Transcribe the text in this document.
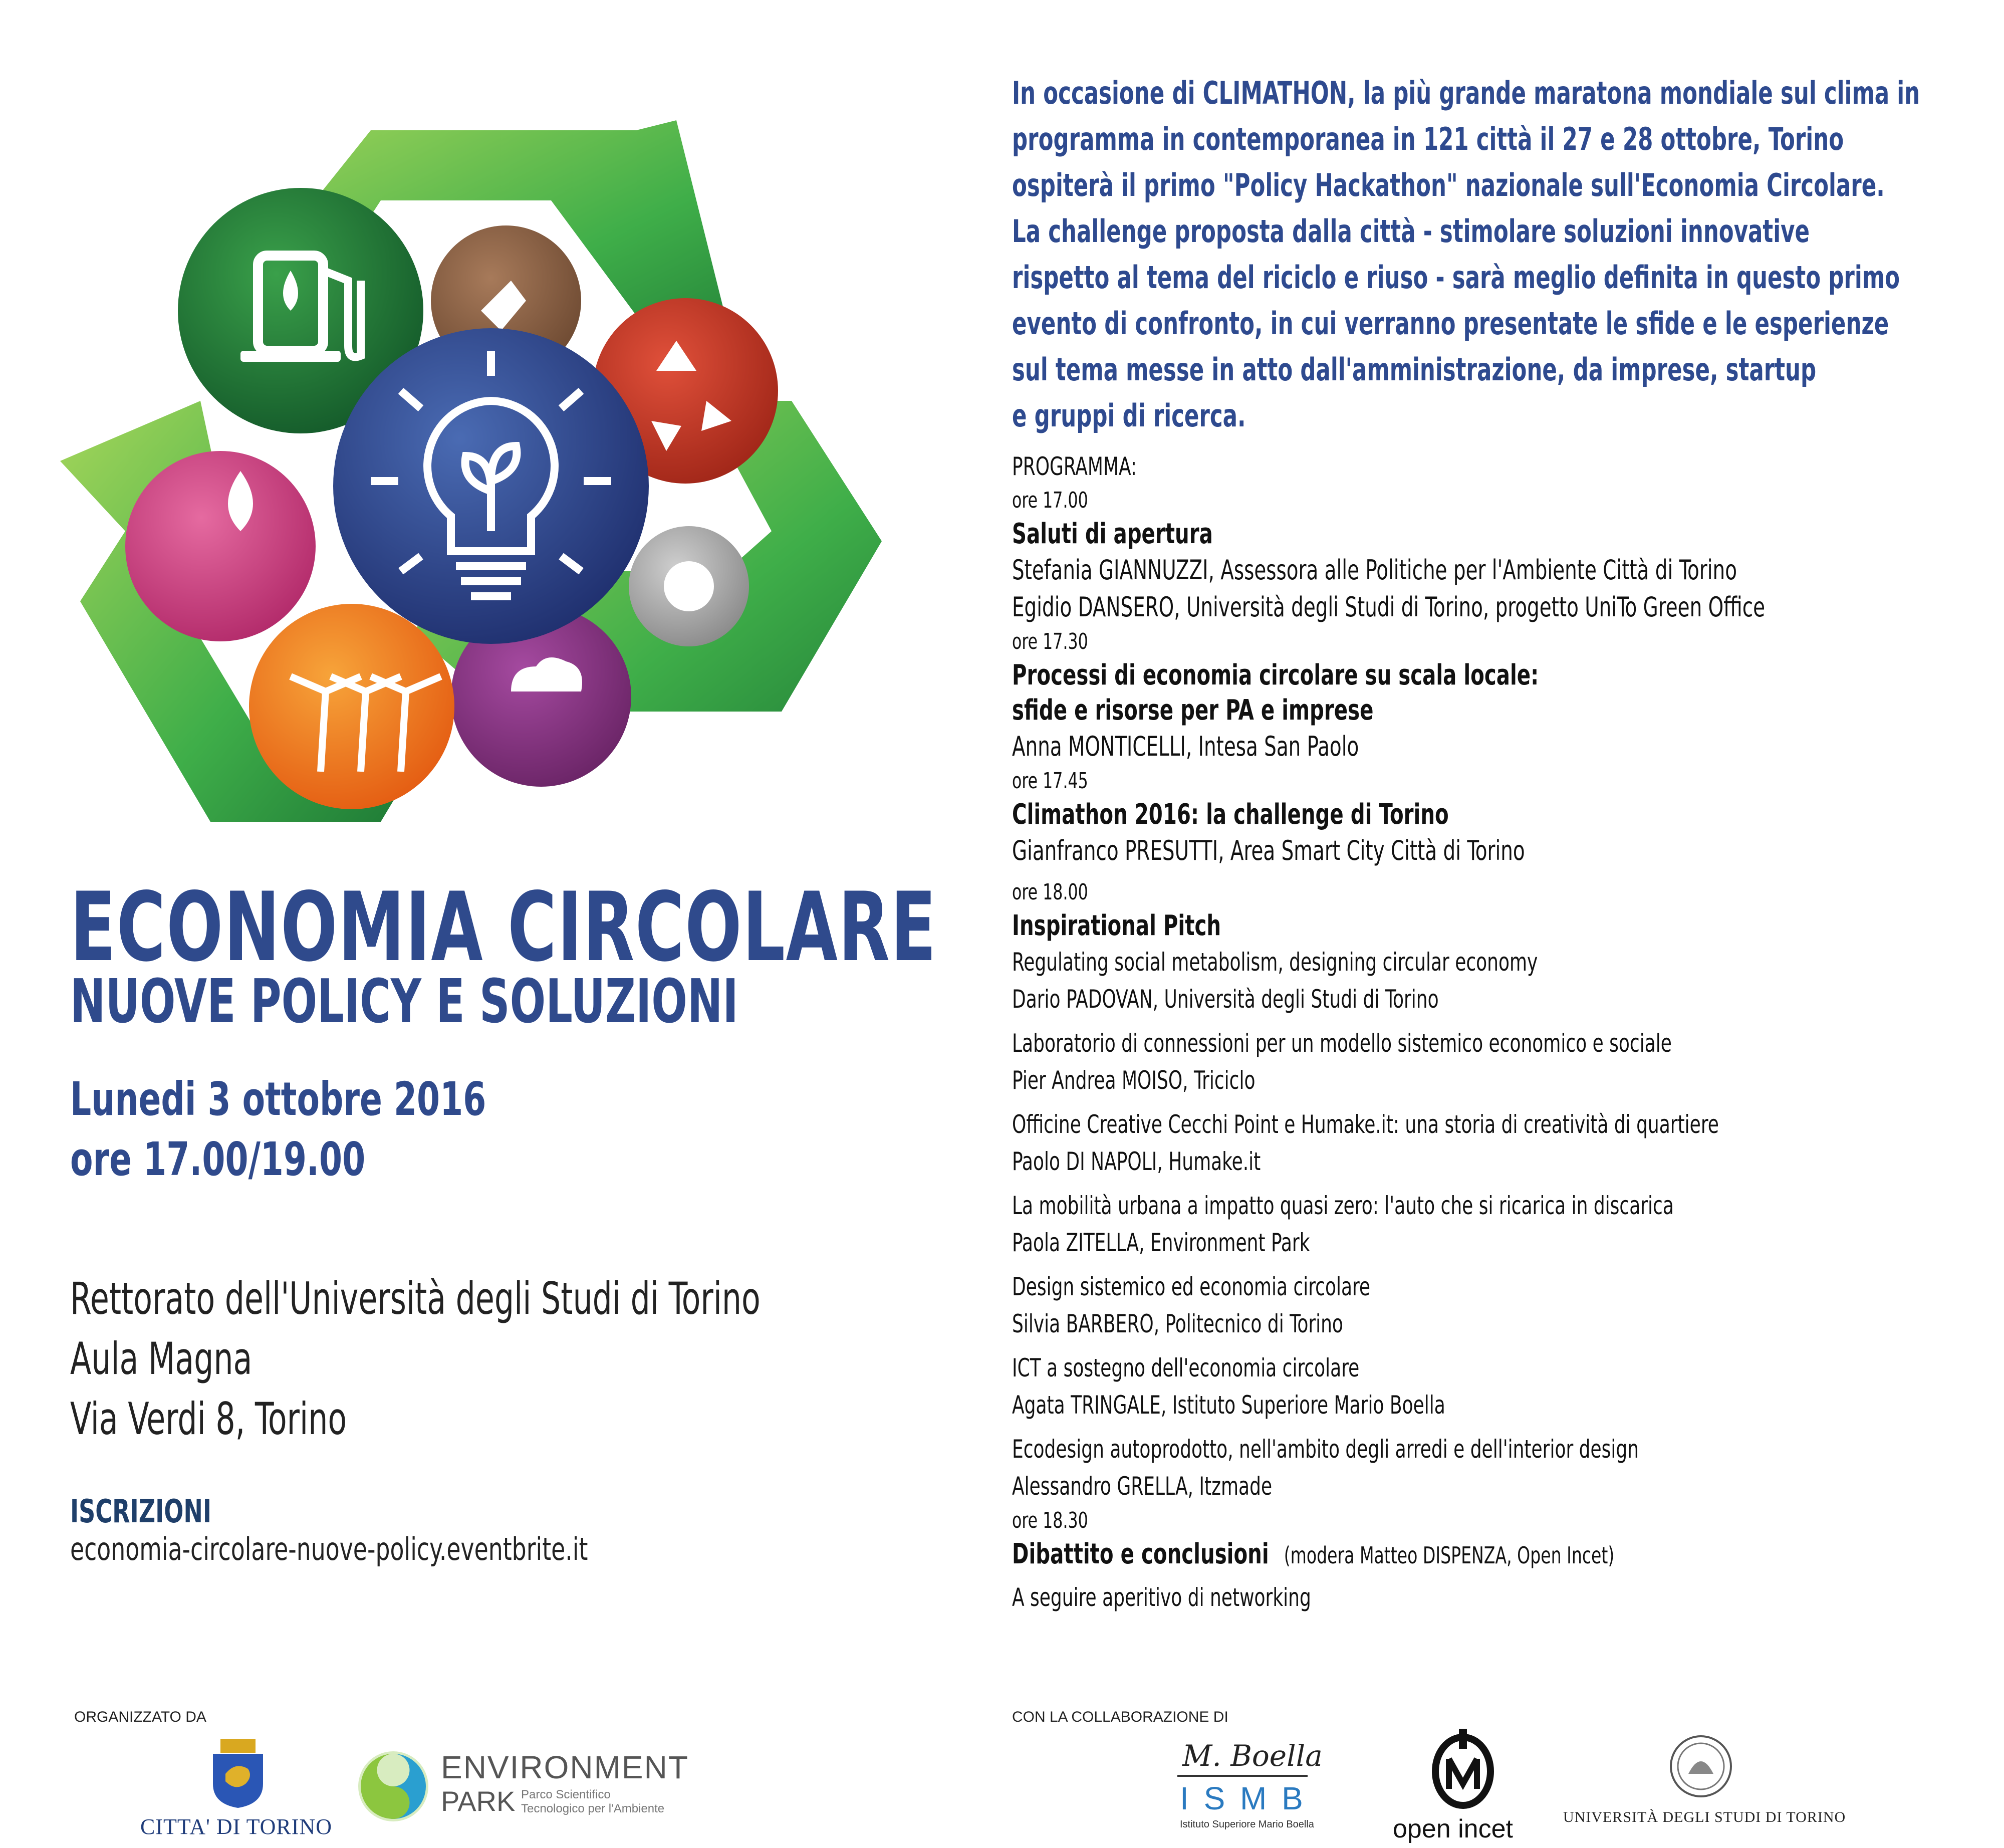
ECONOMIA CIRCOLARE
NUOVE POLICY E SOLUZIONI
Lunedi 3 ottobre 2016
ore 17.00/19.00
Rettorato dell'Università degli Studi di Torino
Aula Magna
Via Verdi 8, Torino
ISCRIZIONI
economia-circolare-nuove-policy.eventbrite.it
In occasione di CLIMATHON, la più grande maratona mondiale sul clima in
programma in contemporanea in 121 città il 27 e 28 ottobre, Torino
ospiterà il primo "Policy Hackathon" nazionale sull'Economia Circolare.
La challenge proposta dalla città - stimolare soluzioni innovative
rispetto al tema del riciclo e riuso - sarà meglio definita in questo primo
evento di confronto, in cui verranno presentate le sfide e le esperienze
sul tema messe in atto dall'amministrazione, da imprese, startup
e gruppi di ricerca.
PROGRAMMA:
ore 17.00
Saluti di apertura
Stefania GIANNUZZI, Assessora alle Politiche per l'Ambiente Città di Torino
Egidio DANSERO, Università degli Studi di Torino, progetto UniTo Green Office
ore 17.30
Processi di economia circolare su scala locale:
sfide e risorse per PA e imprese
Anna MONTICELLI, Intesa San Paolo
ore 17.45
Climathon 2016: la challenge di Torino
Gianfranco PRESUTTI, Area Smart City Città di Torino
ore 18.00
Inspirational Pitch
Regulating social metabolism, designing circular economy
Dario PADOVAN, Università degli Studi di Torino
Laboratorio di connessioni per un modello sistemico economico e sociale
Pier Andrea MOISO, Triciclo
Officine Creative Cecchi Point e Humake.it: una storia di creatività di quartiere
Paolo DI NAPOLI, Humake.it
La mobilità urbana a impatto quasi zero: l'auto che si ricarica in discarica
Paola ZITELLA, Environment Park
Design sistemico ed economia circolare
Silvia BARBERO, Politecnico di Torino
ICT a sostegno dell'economia circolare
Agata TRINGALE, Istituto Superiore Mario Boella
Ecodesign autoprodotto, nell'ambito degli arredi e dell'interior design
Alessandro GRELLA, Itzmade
ore 18.30
Dibattito e conclusioni (modera Matteo DISPENZA, Open Incet)
A seguire aperitivo di networking
ORGANIZZATO DA	CON LA COLLABORAZIONE DI
CITTA' DI TORINO
ENVIRONMENT
PARK Parco Scientifico
Tecnologico per l'Ambiente
M. Boella
I S M B
Istituto Superiore Mario Boella	open incet	UNIVERSITÀ DEGLI STUDI DI TORINO
